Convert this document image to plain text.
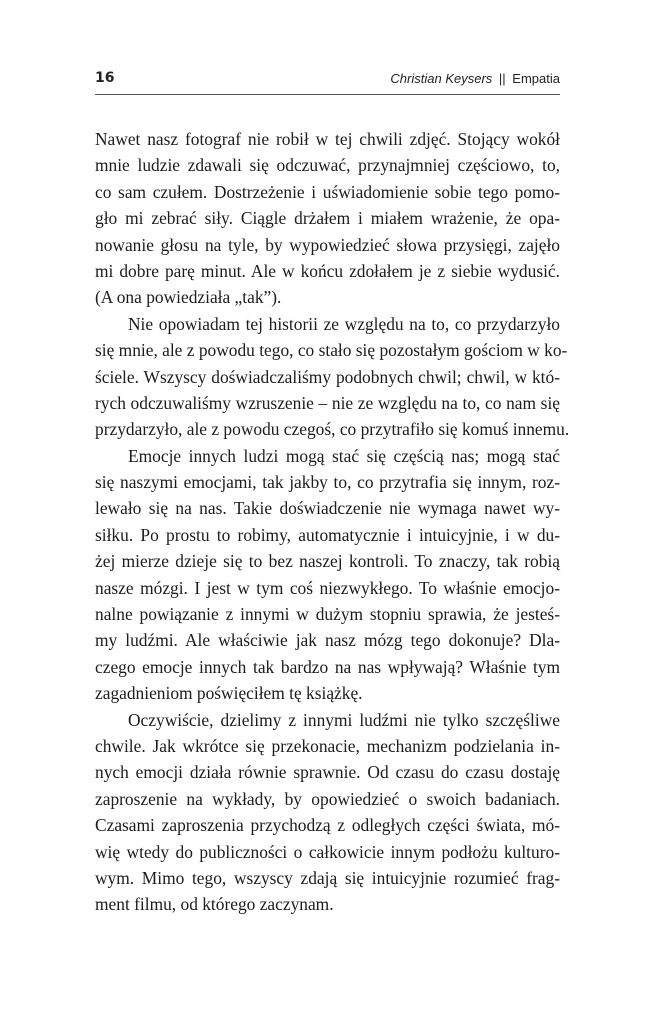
16	Christian Keysers || Empatia
Nawet nasz fotograf nie robił w tej chwili zdjęć. Stojący wokół
mnie ludzie zdawali się odczuwać, przynajmniej częściowo, to,
co sam czułem. Dostrzeżenie i uświadomienie sobie tego pomo-
gło mi zebrać siły. Ciągle drżałem i miałem wrażenie, że opa-
nowanie głosu na tyle, by wypowiedzieć słowa przysięgi, zajęło
mi dobre parę minut. Ale w końcu zdołałem je z siebie wydusić.
(A ona powiedziała „tak”).
Nie opowiadam tej historii ze względu na to, co przydarzyło
się mnie, ale z powodu tego, co stało się pozostałym gościom w ko-
ściele. Wszyscy doświadczaliśmy podobnych chwil; chwil, w któ-
rych odczuwaliśmy wzruszenie – nie ze względu na to, co nam się
przydarzyło, ale z powodu czegoś, co przytrafiło się komuś innemu.
Emocje innych ludzi mogą stać się częścią nas; mogą stać
się naszymi emocjami, tak jakby to, co przytrafia się innym, roz-
lewało się na nas. Takie doświadczenie nie wymaga nawet wy-
siłku. Po prostu to robimy, automatycznie i intuicyjnie, i w du-
żej mierze dzieje się to bez naszej kontroli. To znaczy, tak robią
nasze mózgi. I jest w tym coś niezwykłego. To właśnie emocjo-
nalne powiązanie z innymi w dużym stopniu sprawia, że jesteś-
my ludźmi. Ale właściwie jak nasz mózg tego dokonuje? Dla-
czego emocje innych tak bardzo na nas wpływają? Właśnie tym
zagadnieniom poświęciłem tę książkę.
Oczywiście, dzielimy z innymi ludźmi nie tylko szczęśliwe
chwile. Jak wkrótce się przekonacie, mechanizm podzielania in-
nych emocji działa równie sprawnie. Od czasu do czasu dostaję
zaproszenie na wykłady, by opowiedzieć o swoich badaniach.
Czasami zaproszenia przychodzą z odległych części świata, mó-
wię wtedy do publiczności o całkowicie innym podłożu kulturo-
wym. Mimo tego, wszyscy zdają się intuicyjnie rozumieć frag-
ment filmu, od którego zaczynam.
